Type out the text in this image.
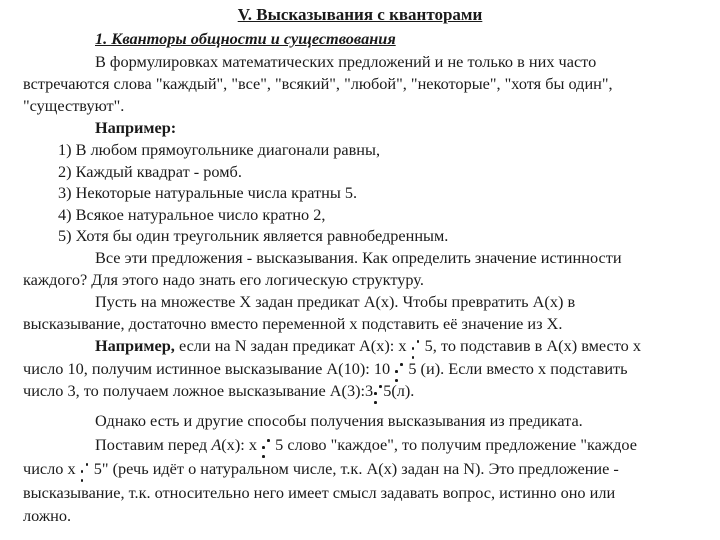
V. Высказывания с кванторами
1. Кванторы общности и существования
В формулировках математических предложений и не только в них часто
встречаются слова "каждый", "все", "всякий", "любой", "некоторые", "хотя бы один",
"существуют".
Например:
1) В любом прямоугольнике диагонали равны,
2) Каждый квадрат - ромб.
3) Некоторые натуральные числа кратны 5.
4) Всякое натуральное число кратно 2,
5) Хотя бы один треугольник является равнобедренным.
Все эти предложения - высказывания. Как определить значение истинности
каждого? Для этого надо знать его логическую структуру.
Пусть на множестве X задан предикат A(x). Чтобы превратить A(x) в
высказывание, достаточно вместо переменной x подставить её значение из X.
Например, если на N задан предикат A(x): x 5, то подставив в A(x) вместо x
число 10, получим истинное высказывание A(10): 10 5 (и). Если вместо x подставить
число 3, то получаем ложное высказывание A(3):3 5(л).
Однако есть и другие способы получения высказывания из предиката.
Поставим перед A(x): x 5 слово "каждое", то получим предложение "каждое
число x 5" (речь идёт о натуральном числе, т.к. A(x) задан на N). Это предложение -
высказывание, т.к. относительно него имеет смысл задавать вопрос, истинно оно или
ложно.
